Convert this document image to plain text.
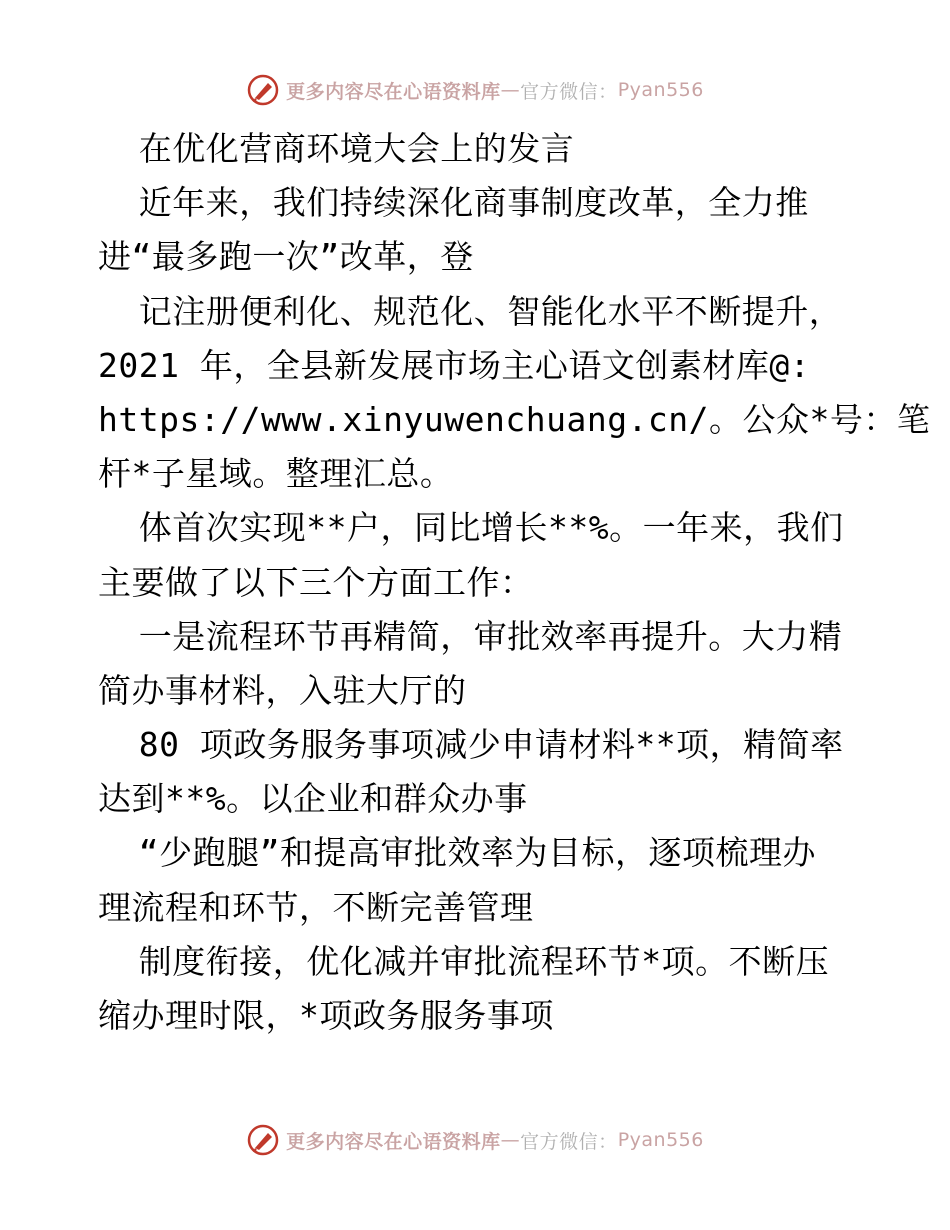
更多内容尽在心语资料库 — 官方微信： Pyan556
在优化营商环境大会上的发言
近年来，我们持续深化商事制度改革，全力推
进“最多跑一次”改革，登
记注册便利化、规范化、智能化水平不断提升，
2021 年，全县新发展市场主心语文创素材库@:
https://www.xinyuwenchuang.cn/。公众*号：笔
杆*子星域。整理汇总。
体首次实现**户，同比增长**%。一年来，我们
主要做了以下三个方面工作：
一是流程环节再精简，审批效率再提升。大力精
简办事材料，入驻大厅的
80 项政务服务事项减少申请材料**项，精简率
达到**%。以企业和群众办事
“少跑腿”和提高审批效率为目标，逐项梳理办
理流程和环节，不断完善管理
制度衔接，优化减并审批流程环节*项。不断压
缩办理时限，*项政务服务事项
更多内容尽在心语资料库 — 官方微信： Pyan556
